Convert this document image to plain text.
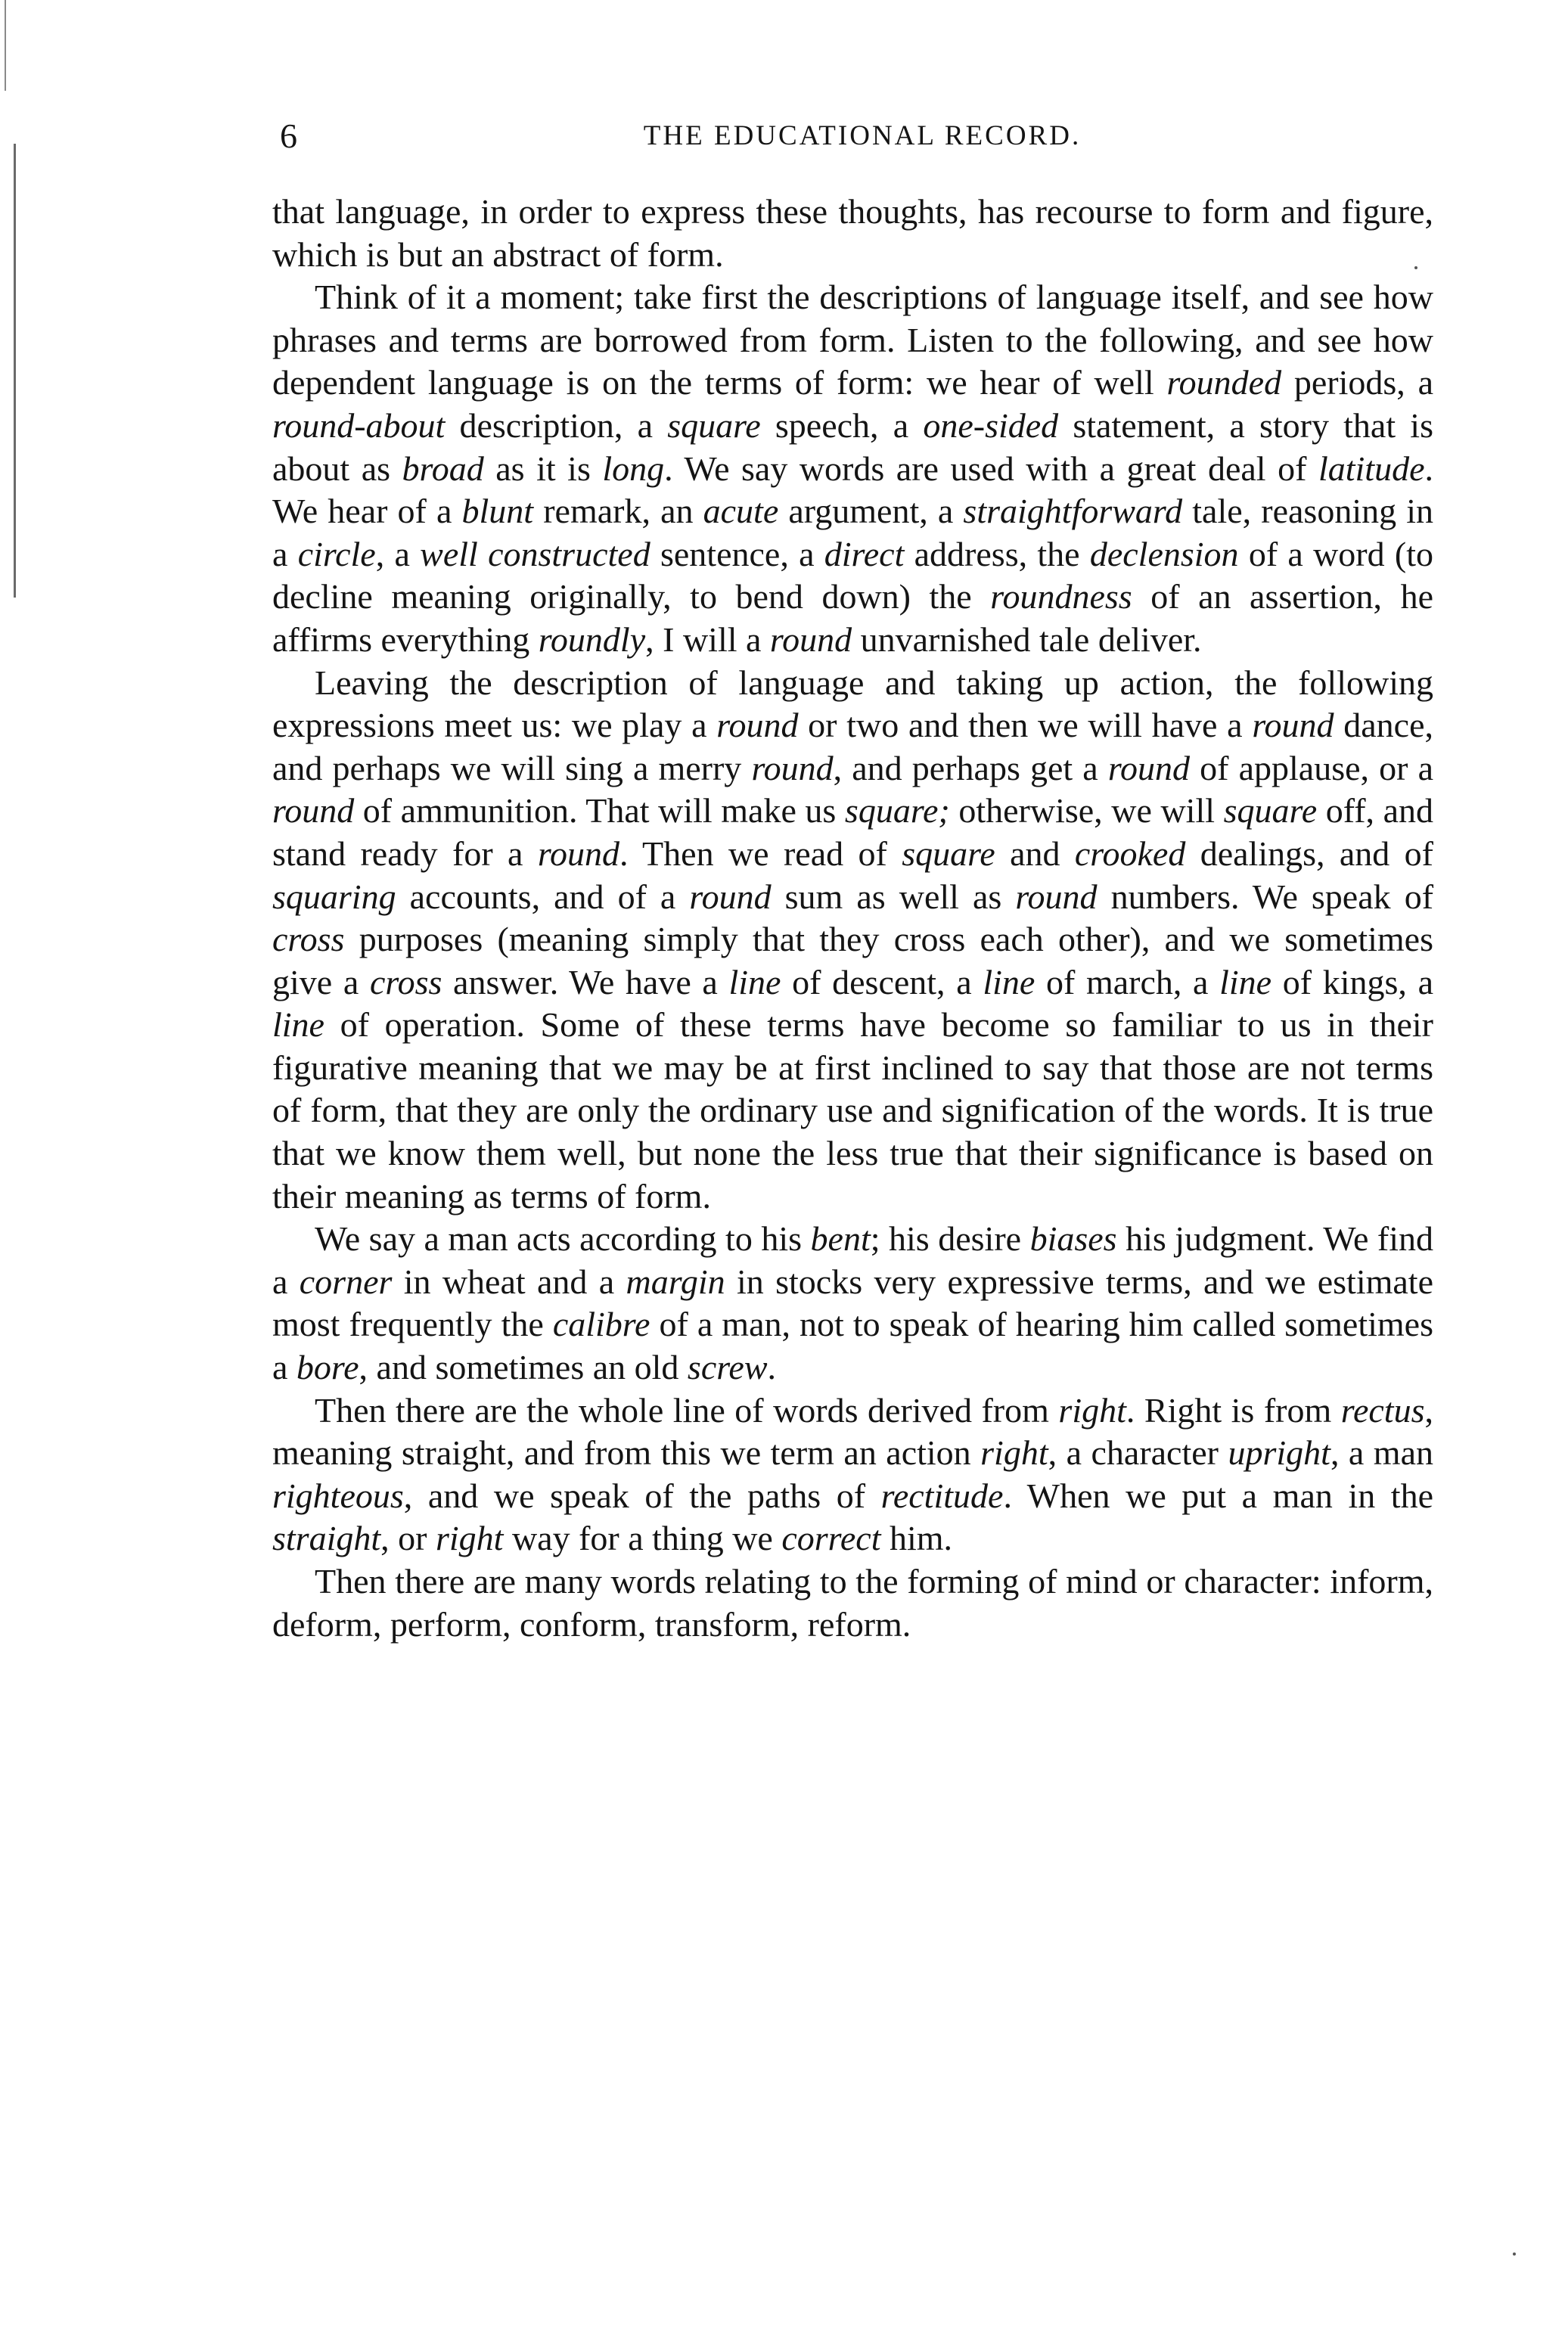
6	THE EDUCATIONAL RECORD.

that language, in order to express these thoughts, has recourse to form and figure, which is but an abstract of form.

Think of it a moment; take first the descriptions of language itself, and see how phrases and terms are borrowed from form. Listen to the following, and see how dependent language is on the terms of form: we hear of well rounded periods, a round-about description, a square speech, a one-sided statement, a story that is about as broad as it is long. We say words are used with a great deal of latitude. We hear of a blunt remark, an acute argument, a straightforward tale, reasoning in a circle, a well constructed sentence, a direct address, the declension of a word (to decline meaning originally, to bend down) the roundness of an assertion, he affirms everything roundly, I will a round unvarnished tale deliver.

Leaving the description of language and taking up action, the following expressions meet us: we play a round or two and then we will have a round dance, and perhaps we will sing a merry round, and perhaps get a round of applause, or a round of ammunition. That will make us square; otherwise, we will square off, and stand ready for a round. Then we read of square and crooked dealings, and of squaring accounts, and of a round sum as well as round numbers. We speak of cross purposes (meaning simply that they cross each other), and we sometimes give a cross answer. We have a line of descent, a line of march, a line of kings, a line of operation. Some of these terms have become so familiar to us in their figurative meaning that we may be at first inclined to say that those are not terms of form, that they are only the ordinary use and signification of the words. It is true that we know them well, but none the less true that their significance is based on their meaning as terms of form.

We say a man acts according to his bent; his desire biases his judgment. We find a corner in wheat and a margin in stocks very expressive terms, and we estimate most frequently the calibre of a man, not to speak of hearing him called sometimes a bore, and sometimes an old screw.

Then there are the whole line of words derived from right. Right is from rectus, meaning straight, and from this we term an action right, a character upright, a man righteous, and we speak of the paths of rectitude. When we put a man in the straight, or right way for a thing we correct him.

Then there are many words relating to the forming of mind or character: inform, deform, perform, conform, transform, reform.
